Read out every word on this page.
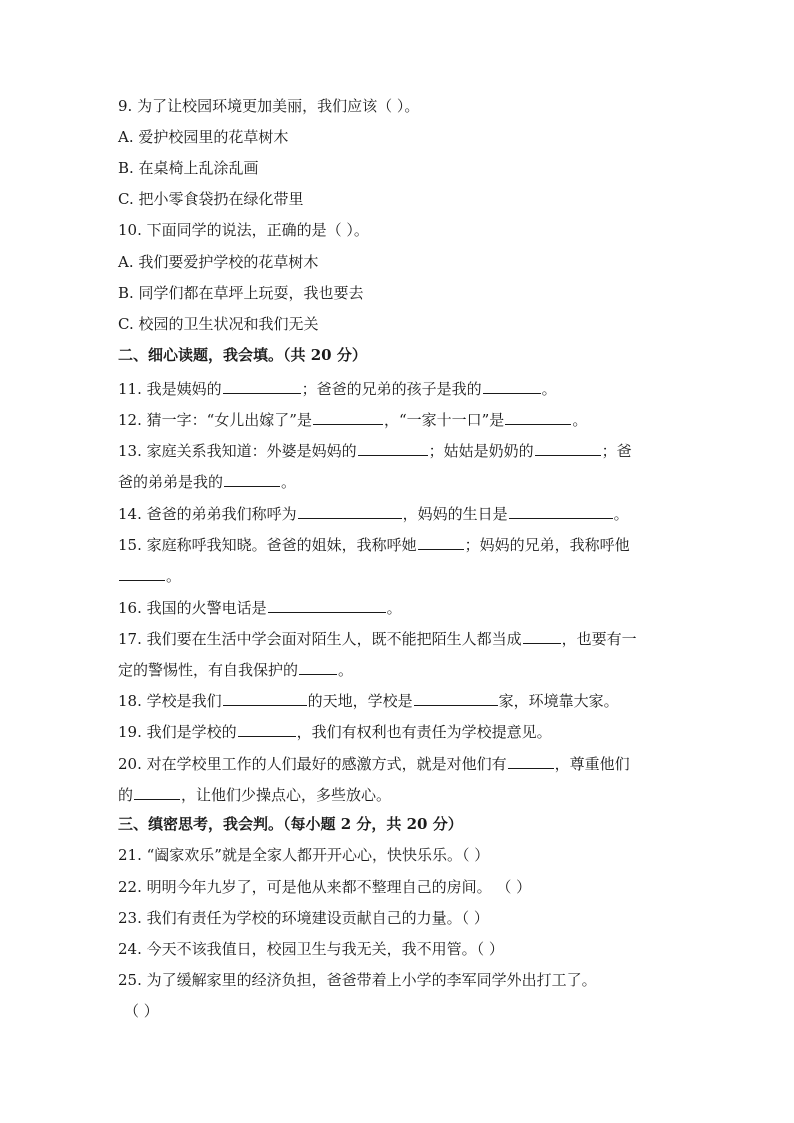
9. 为了让校园环境更加美丽，我们应该（ ）。
A. 爱护校园里的花草树木
B. 在桌椅上乱涂乱画
C. 把小零食袋扔在绿化带里
10. 下面同学的说法，正确的是（ ）。
A. 我们要爱护学校的花草树木
B. 同学们都在草坪上玩耍，我也要去
C. 校园的卫生状况和我们无关
二、细心读题，我会填。（共 20 分）
11. 我是姨妈的	；爸爸的兄弟的孩子是我的	。
12. 猜一字：“女儿出嫁了”是	，“一家十一口”是	。
13. 家庭关系我知道：外婆是妈妈的	；姑姑是奶奶的	；爸
爸的弟弟是我的	。
14. 爸爸的弟弟我们称呼为	，妈妈的生日是	。
15. 家庭称呼我知晓。爸爸的姐妹，我称呼她	；妈妈的兄弟，我称呼他
。
16. 我国的火警电话是	。
17. 我们要在生活中学会面对陌生人，既不能把陌生人都当成	，也要有一
定的警惕性，有自我保护的	。
18. 学校是我们	的天地，学校是	家，环境靠大家。
19. 我们是学校的	，我们有权利也有责任为学校提意见。
20. 对在学校里工作的人们最好的感激方式，就是对他们有	，尊重他们
的	，让他们少操点心，多些放心。
三、缜密思考，我会判。（每小题 2 分，共 20 分）
21. “阖家欢乐”就是全家人都开开心心，快快乐乐。（ ）
22. 明明今年九岁了，可是他从来都不整理自己的房间。 （ ）
23. 我们有责任为学校的环境建设贡献自己的力量。（ ）
24. 今天不该我值日，校园卫生与我无关，我不用管。（ ）
25. 为了缓解家里的经济负担，爸爸带着上小学的李军同学外出打工了。
（ ）
